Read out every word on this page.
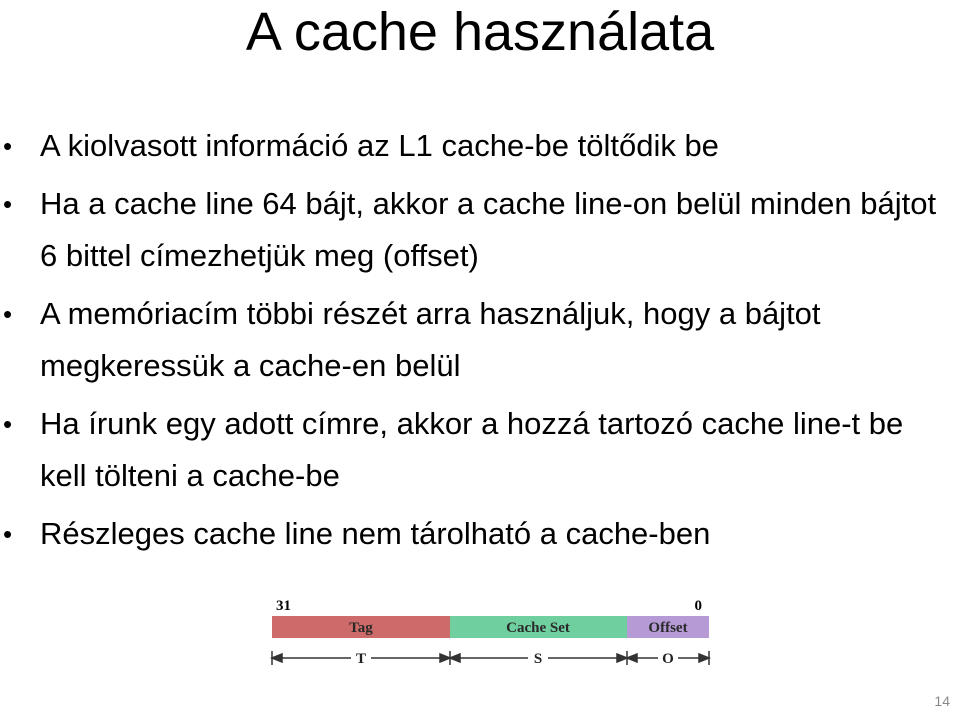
A cache használata
• A kiolvasott információ az L1 cache-be töltődik be
• Ha a cache line 64 bájt, akkor a cache line-on belül minden bájtot 6 bittel címezhetjük meg (offset)
• A memóriacím többi részét arra használjuk, hogy a bájtot megkeressük a cache-en belül
• Ha írunk egy adott címre, akkor a hozzá tartozó cache line-t be kell tölteni a cache-be
• Részleges cache line nem tárolható a cache-ben
31	0
Tag	Cache Set	Offset
T	S	O
14
